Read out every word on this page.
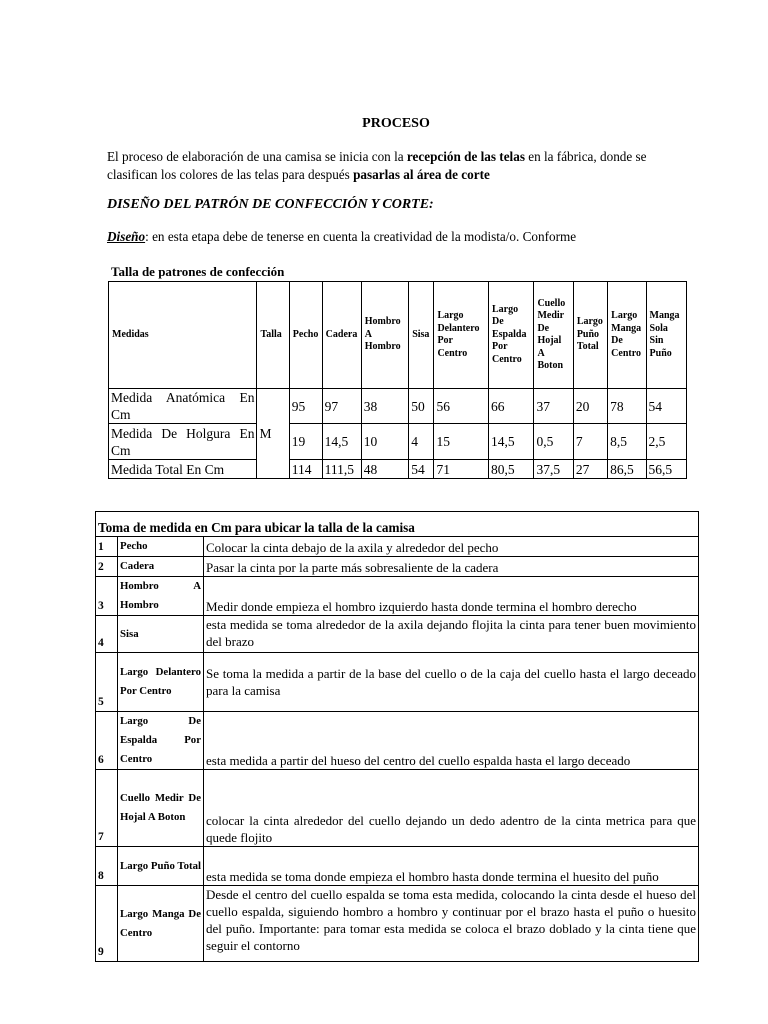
PROCESO
El proceso de elaboración de una camisa se inicia con la recepción de las telas en la fábrica, donde se clasifican los colores de las telas para después pasarlas al área de corte
DISEÑO DEL PATRÓN DE CONFECCIÓN Y CORTE:
Diseño: en esta etapa debe de tenerse en cuenta la creatividad de la modista/o. Conforme
Talla de patrones de confección
Medidas	Talla	Pecho	Cadera	Hombro A Hombro	Sisa	Largo Delantero Por Centro	Largo De Espalda Por Centro	Cuello Medir De Hojal A Boton	Largo Puño Total	Largo Manga De Centro	Manga Sola Sin Puño
Medida Anatómica En Cm	M	95	97	38	50	56	66	37	20	78	54
Medida De Holgura En Cm		19	14,5	10	4	15	14,5	0,5	7	8,5	2,5
Medida Total En Cm		114	111,5	48	54	71	80,5	37,5	27	86,5	56,5
Toma de medida en Cm para ubicar la talla de la camisa		
1	Pecho	Colocar la cinta debajo de la axila y alrededor del pecho
2	Cadera	Pasar la cinta por la parte más sobresaliente de la cadera
3	Hombro A Hombro	Medir donde empieza el hombro izquierdo hasta donde termina el hombro derecho
4	Sisa	esta medida se toma alrededor de la axila dejando flojita la cinta para tener buen movimiento del brazo
5	Largo Delantero Por Centro	Se toma la medida a partir de la base del cuello o de la caja del cuello hasta el largo deceado para la camisa
6	Largo De Espalda Por Centro	esta medida a partir del hueso del centro del cuello espalda hasta el largo deceado
7	Cuello Medir De Hojal A Boton	colocar la cinta alrededor del cuello dejando un dedo adentro de la cinta metrica para que quede flojito
8	Largo Puño Total	esta medida se toma donde empieza el hombro hasta donde termina el huesito del puño
9	Largo Manga De Centro	Desde el centro del cuello espalda se toma esta medida, colocando la cinta desde el hueso del cuello espalda, siguiendo hombro a hombro y continuar por el brazo hasta el puño o huesito del puño. Importante: para tomar esta medida se coloca el brazo doblado y la cinta tiene que seguir el contorno
